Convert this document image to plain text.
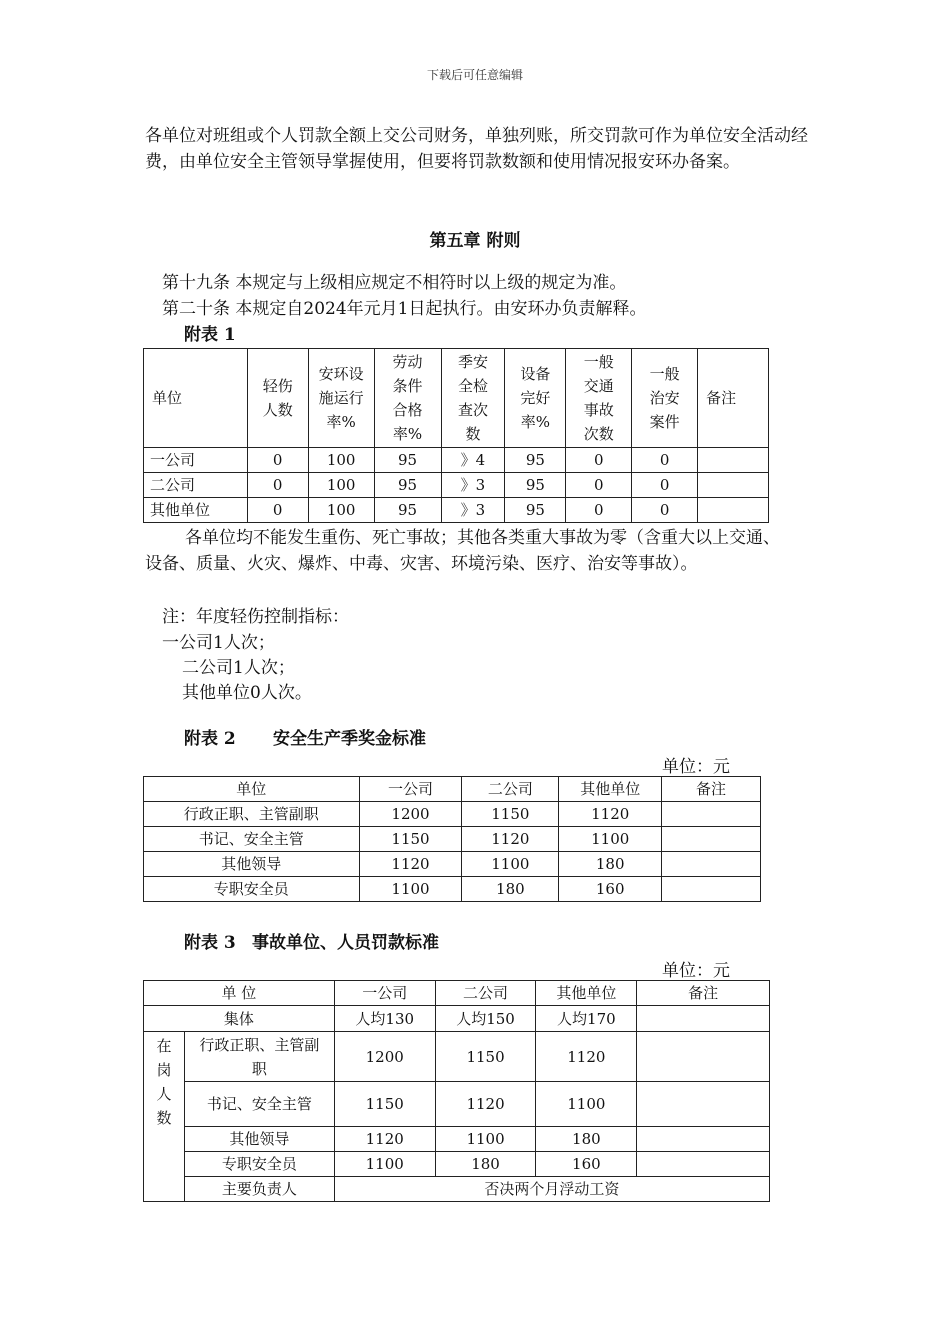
下载后可任意编辑
各单位对班组或个人罚款全额上交公司财务，单独列账，所交罚款可作为单位安全活动经费，由单位安全主管领导掌握使用，但要将罚款数额和使用情况报安环办备案。
第五章 附则
第十九条 本规定与上级相应规定不相符时以上级的规定为准。
第二十条 本规定自2024年元月1日起执行。由安环办负责解释。
附表 1
单位	轻伤人数	安环设施运行率%	劳动条件合格率%	季安全检查次数	设备完好率%	一般交通事故次数	一般治安案件	备注
一公司	0	100	95	》4	95	0	0	
二公司	0	100	95	》3	95	0	0	
其他单位	0	100	95	》3	95	0	0	
各单位均不能发生重伤、死亡事故；其他各类重大事故为零（含重大以上交通、设备、质量、火灾、爆炸、中毒、灾害、环境污染、医疗、治安等事故）。
注：年度轻伤控制指标：
一公司1人次；
二公司1人次；
其他单位0人次。
附表 2 安全生产季奖金标准
单位：元
单位	一公司	二公司	其他单位	备注
行政正职、主管副职	1200	1150	1120	
书记、安全主管	1150	1120	1100	
其他领导	1120	1100	180	
专职安全员	1100	180	160	
附表 3 事故单位、人员罚款标准
单位：元
单 位		一公司	二公司	其他单位	备注
集体		人均130	人均150	人均170	

在岗人数	行政正职、主管副职	1200	1150	1120	
	书记、安全主管	1150	1120	1100	
	其他领导	1120	1100	180	
	专职安全员	1100	180	160	
	主要负责人	否决两个月浮动工资			
